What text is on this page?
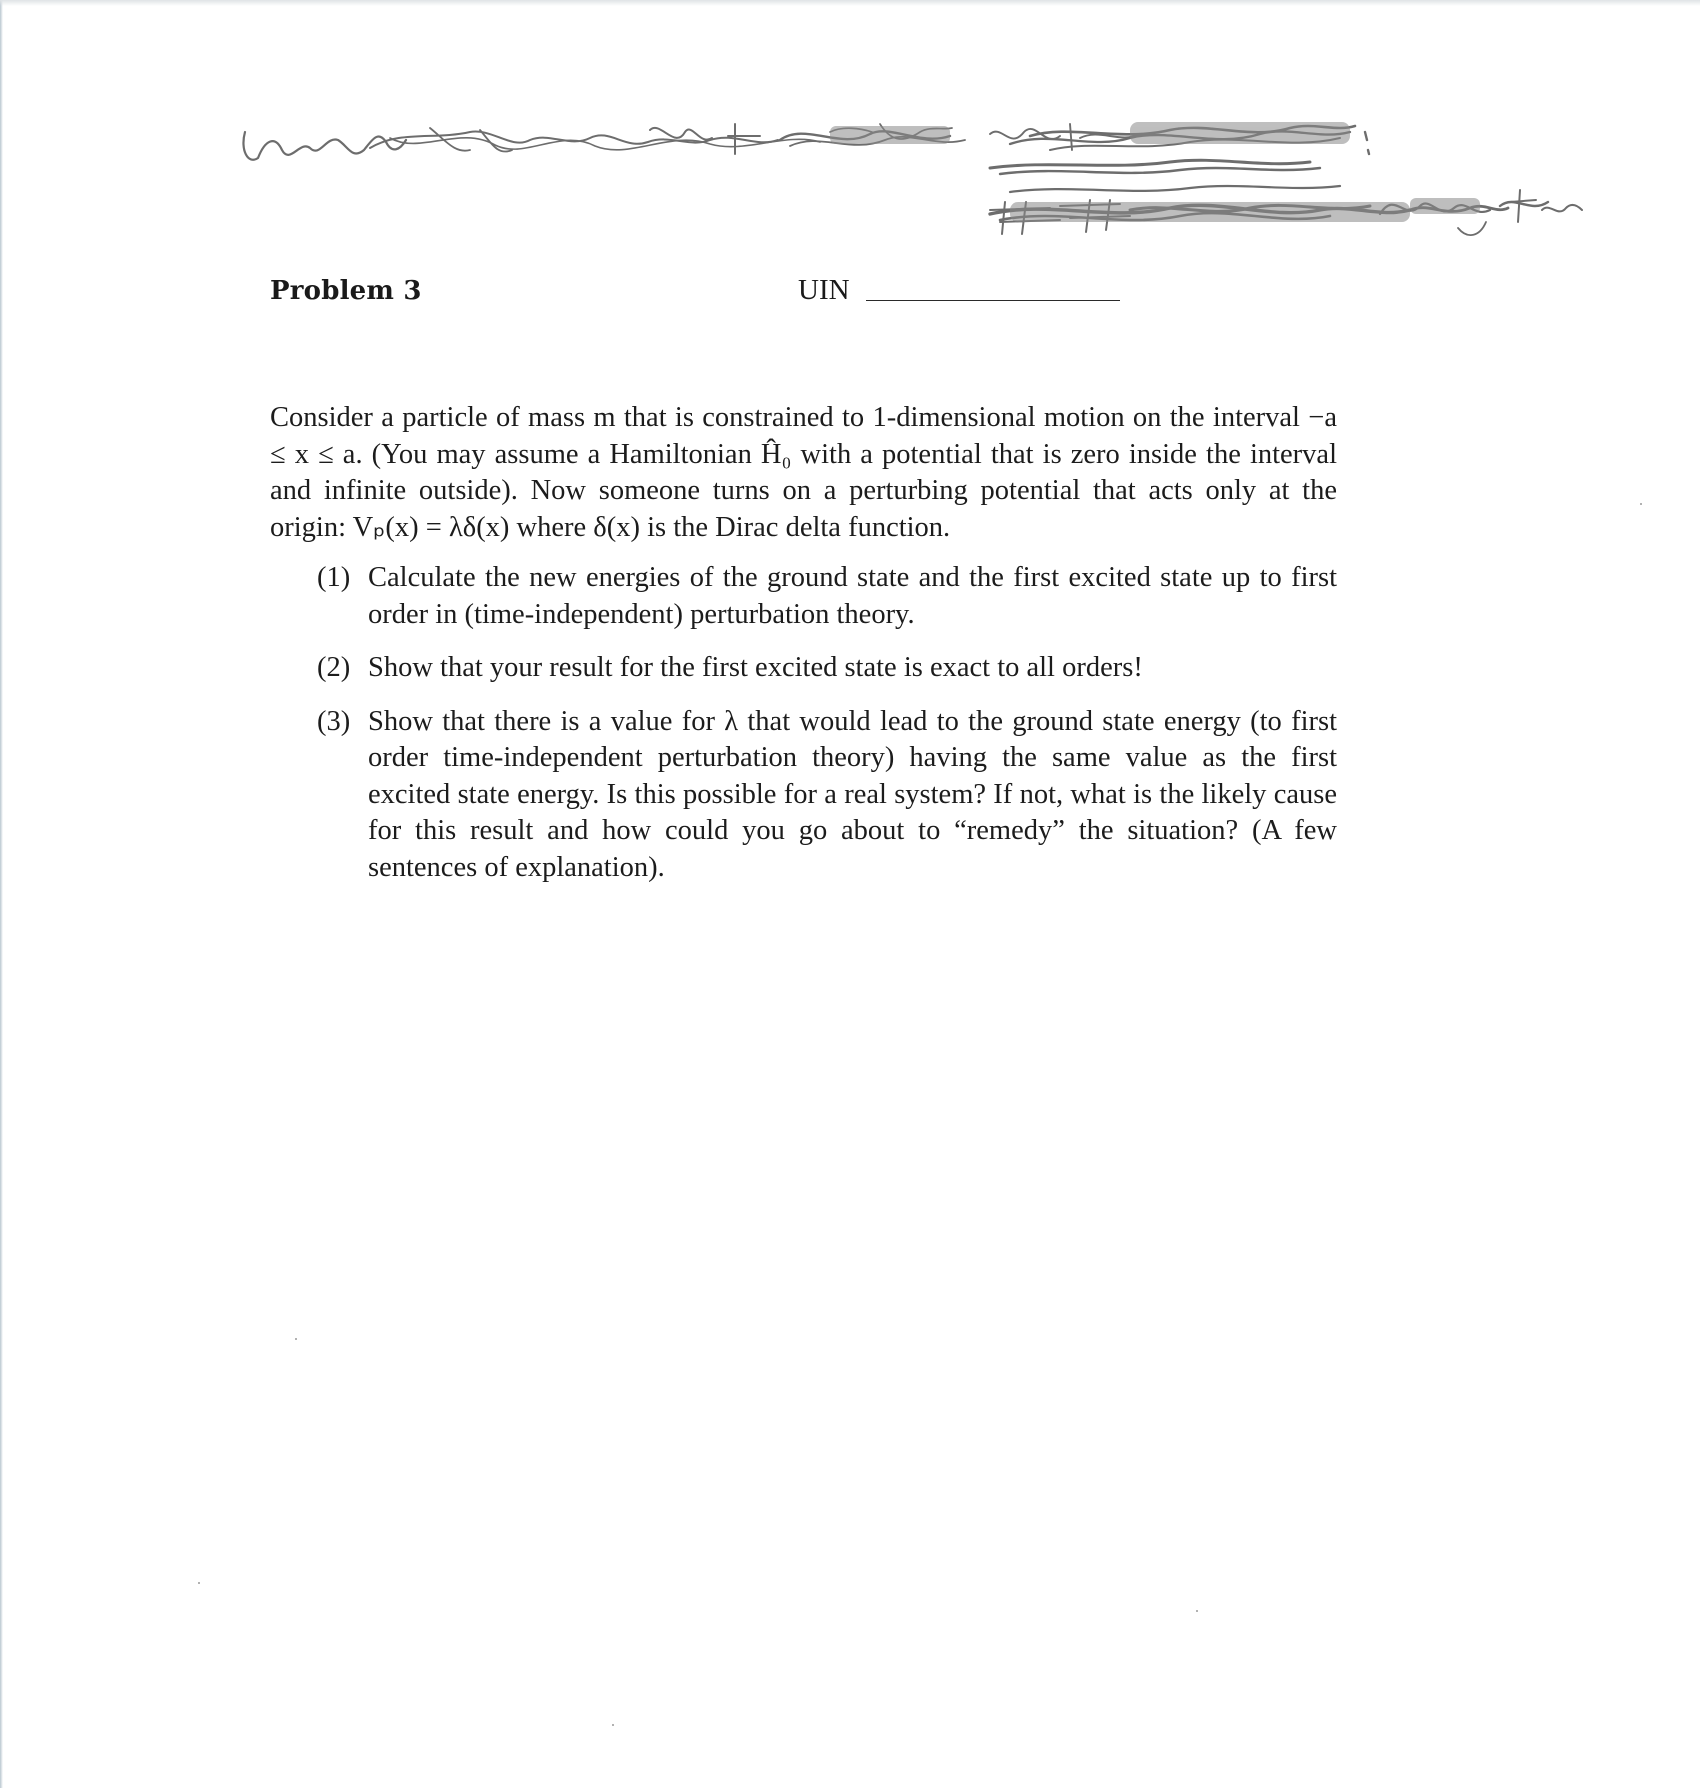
Problem 3	UIN

Consider a particle of mass m that is constrained to 1-dimensional motion on the interval −a ≤ x ≤ a. (You may assume a Hamiltonian Ĥ₀ with a potential that is zero inside the interval and infinite outside). Now someone turns on a perturbing potential that acts only at the origin: Vₚ(x) = λδ(x) where δ(x) is the Dirac delta function.

(1) Calculate the new energies of the ground state and the first excited state up to first order in (time-independent) perturbation theory.
(2) Show that your result for the first excited state is exact to all orders!
(3) Show that there is a value for λ that would lead to the ground state energy (to first order time-independent perturbation theory) having the same value as the first excited state energy. Is this possible for a real system? If not, what is the likely cause for this result and how could you go about to “remedy” the situation? (A few sentences of explanation).
